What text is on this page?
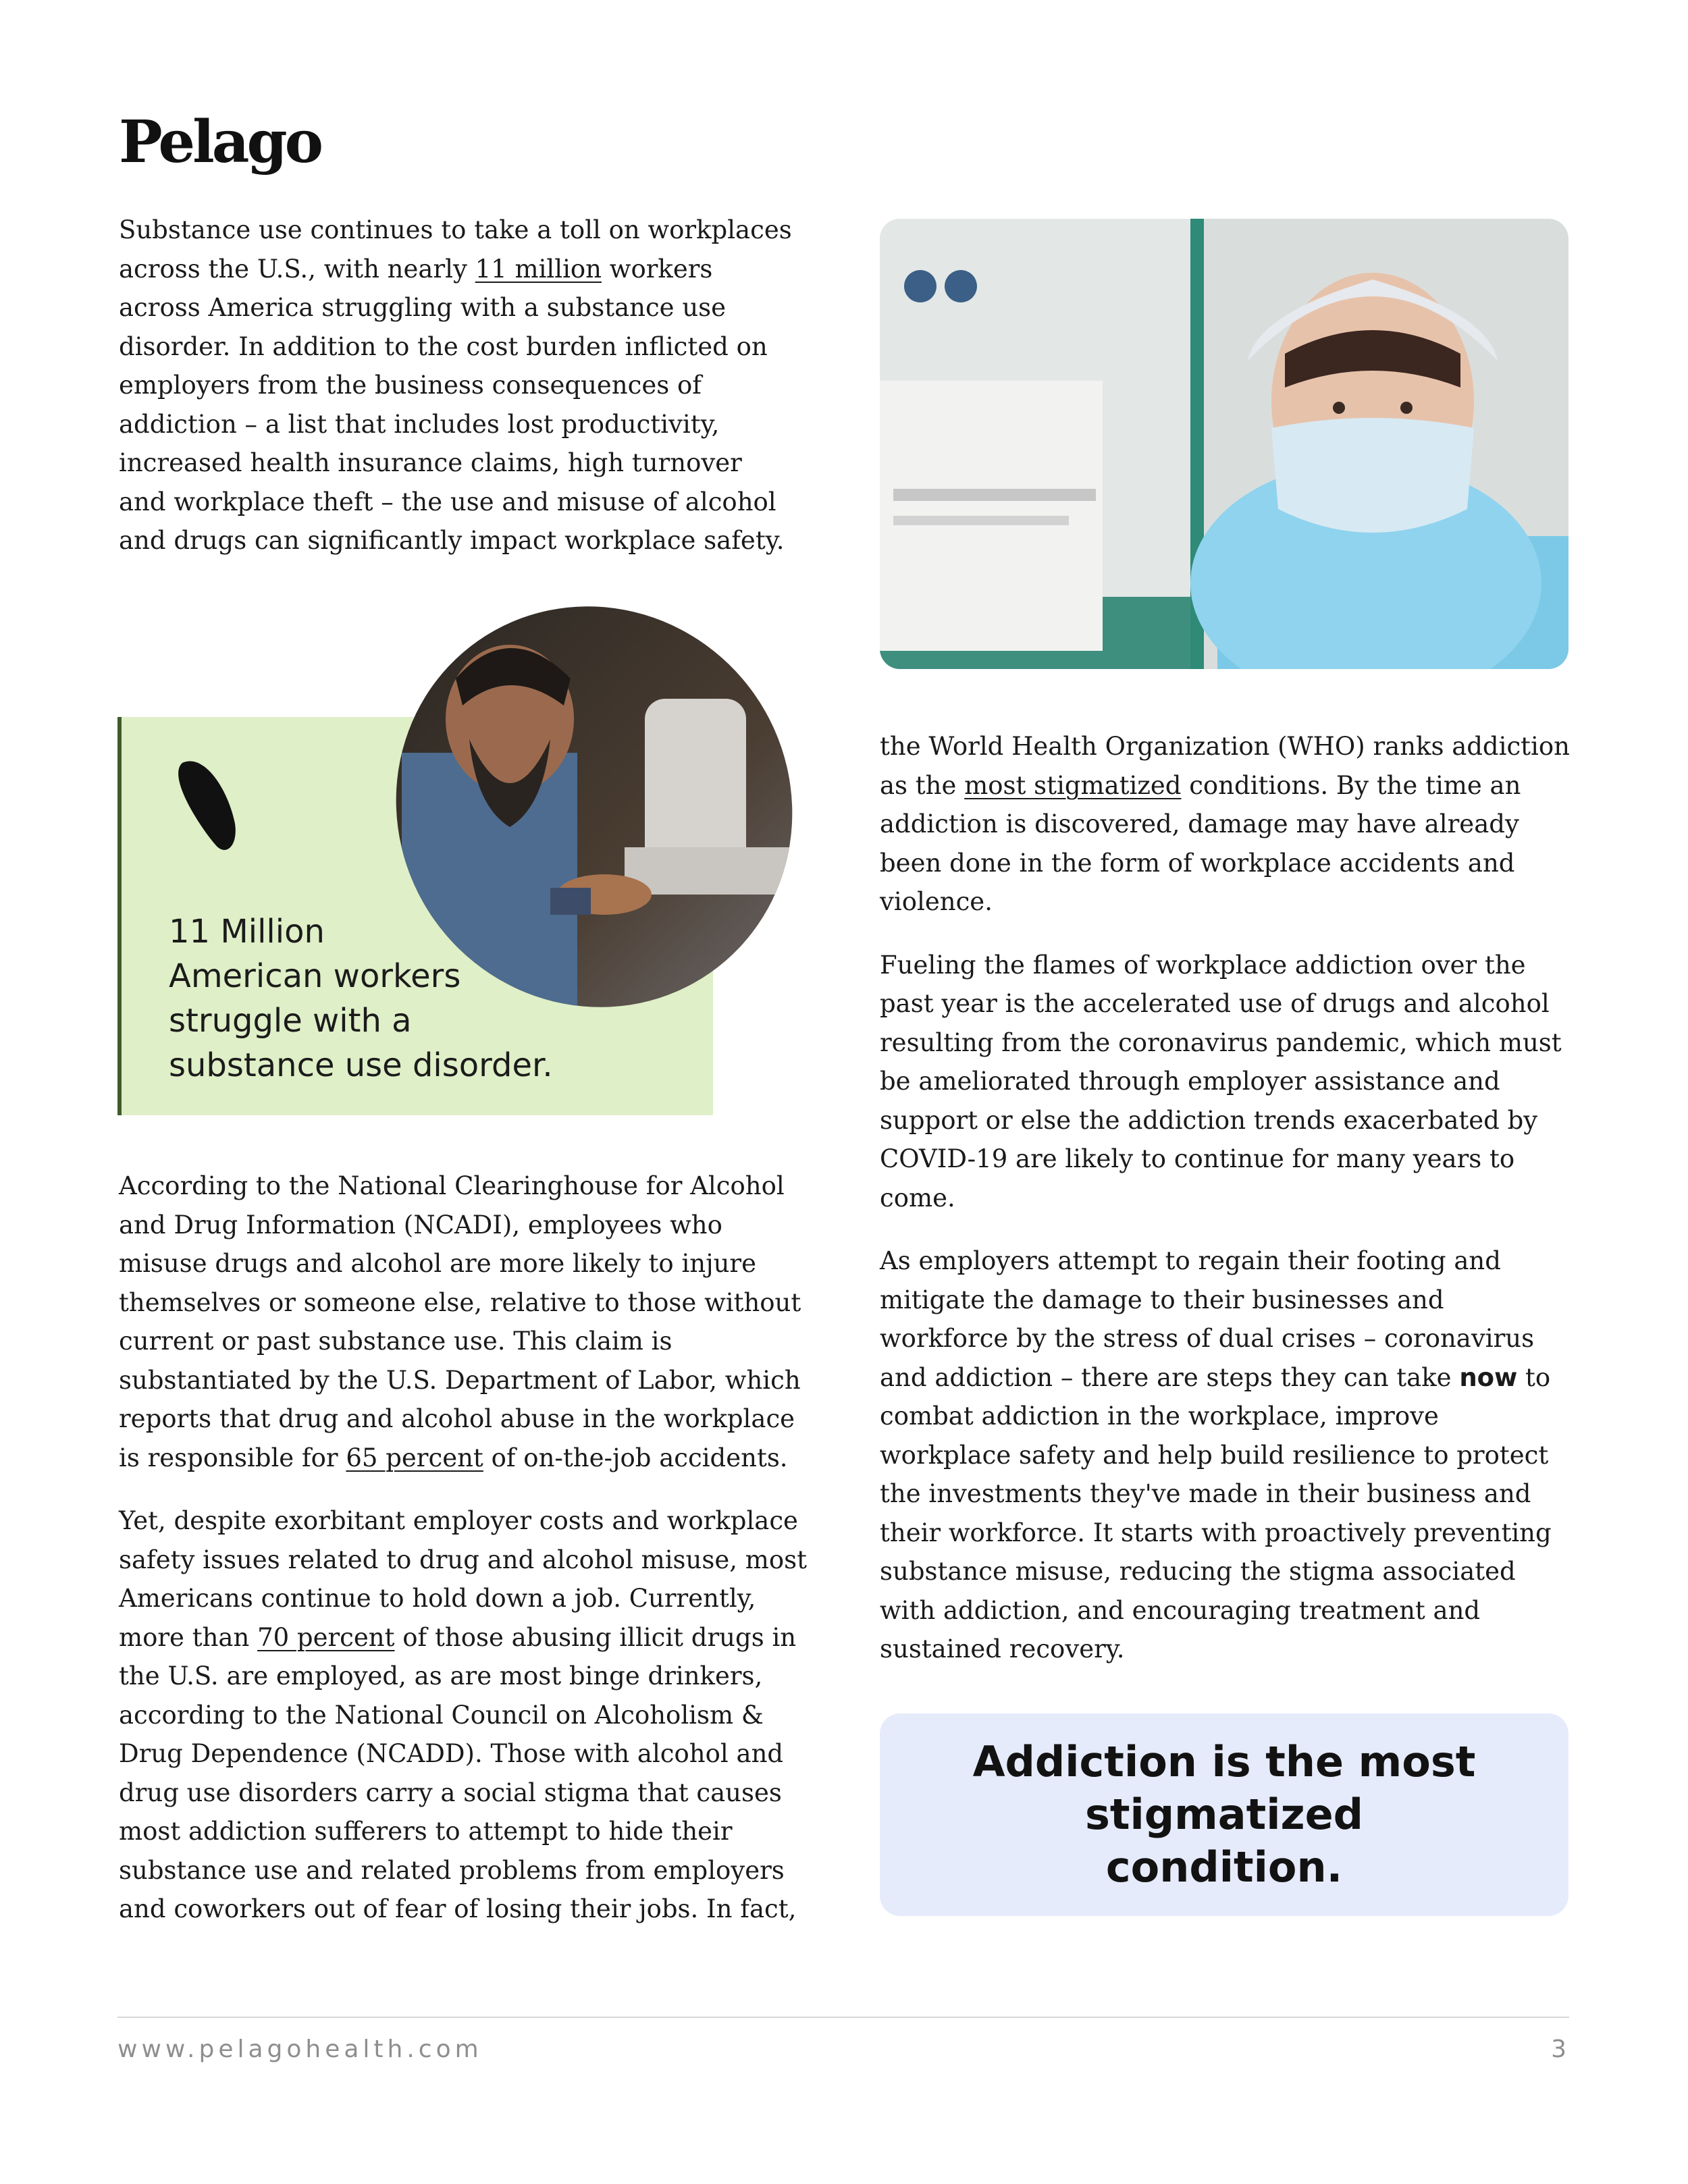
Pelago

Substance use continues to take a toll on workplaces across the U.S., with nearly 11 million workers across America struggling with a substance use disorder. In addition to the cost burden inflicted on employers from the business consequences of addiction – a list that includes lost productivity, increased health insurance claims, high turnover and workplace theft – the use and misuse of alcohol and drugs can significantly impact workplace safety.

11 Million
American workers
struggle with a
substance use disorder.

According to the National Clearinghouse for Alcohol and Drug Information (NCADI), employees who misuse drugs and alcohol are more likely to injure themselves or someone else, relative to those without current or past substance use. This claim is substantiated by the U.S. Department of Labor, which reports that drug and alcohol abuse in the workplace is responsible for 65 percent of on-the-job accidents.

Yet, despite exorbitant employer costs and workplace safety issues related to drug and alcohol misuse, most Americans continue to hold down a job. Currently, more than 70 percent of those abusing illicit drugs in the U.S. are employed, as are most binge drinkers, according to the National Council on Alcoholism & Drug Dependence (NCADD). Those with alcohol and drug use disorders carry a social stigma that causes most addiction sufferers to attempt to hide their substance use and related problems from employers and coworkers out of fear of losing their jobs. In fact,

the World Health Organization (WHO) ranks addiction as the most stigmatized conditions. By the time an addiction is discovered, damage may have already been done in the form of workplace accidents and violence.

Fueling the flames of workplace addiction over the past year is the accelerated use of drugs and alcohol resulting from the coronavirus pandemic, which must be ameliorated through employer assistance and support or else the addiction trends exacerbated by COVID-19 are likely to continue for many years to come.

As employers attempt to regain their footing and mitigate the damage to their businesses and workforce by the stress of dual crises – coronavirus and addiction – there are steps they can take now to combat addiction in the workplace, improve workplace safety and help build resilience to protect the investments they've made in their business and their workforce. It starts with proactively preventing substance misuse, reducing the stigma associated with addiction, and encouraging treatment and sustained recovery.

Addiction is the most stigmatized condition.
www.pelagohealth.com	3
